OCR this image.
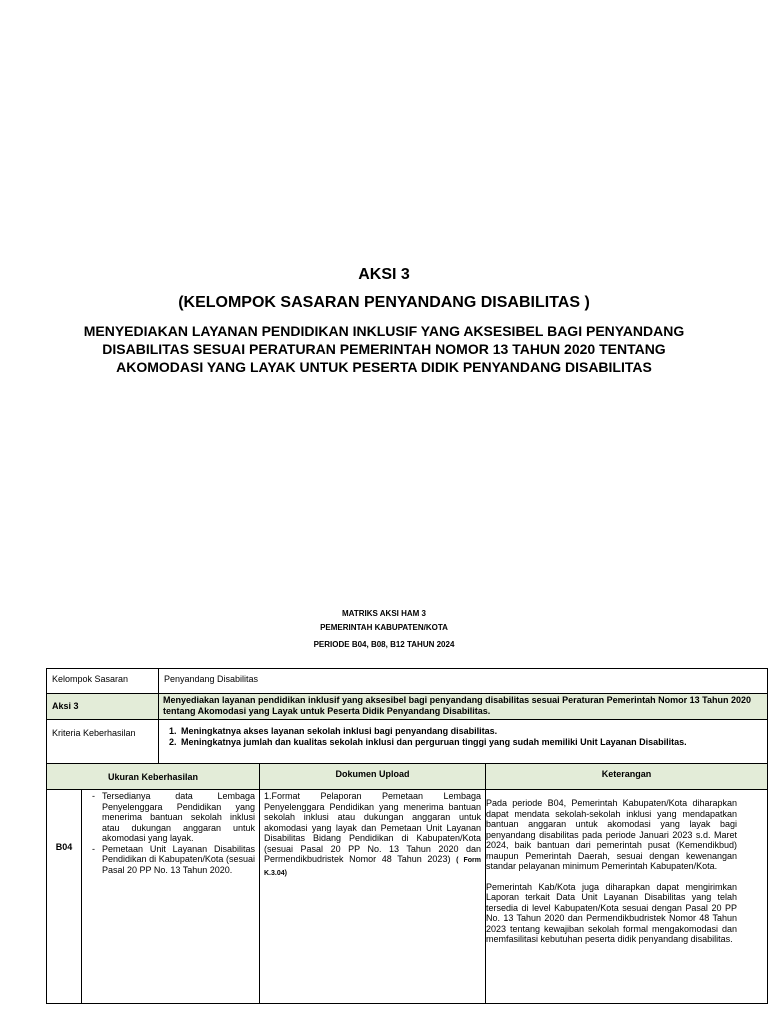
AKSI 3
(KELOMPOK SASARAN PENYANDANG DISABILITAS )
MENYEDIAKAN LAYANAN PENDIDIKAN INKLUSIF YANG AKSESIBEL BAGI PENYANDANG DISABILITAS SESUAI PERATURAN PEMERINTAH NOMOR 13 TAHUN 2020 TENTANG AKOMODASI YANG LAYAK UNTUK PESERTA DIDIK PENYANDANG DISABILITAS
MATRIKS AKSI HAM 3
PEMERINTAH KABUPATEN/KOTA
PERIODE B04, B08, B12 TAHUN 2024
Kelompok Sasaran	Penyandang Disabilitas
Aksi 3
Menyediakan layanan pendidikan inklusif yang aksesibel bagi penyandang disabilitas sesuai Peraturan Pemerintah Nomor 13 Tahun 2020 tentang Akomodasi yang Layak untuk Peserta Didik Penyandang Disabilitas.
Kriteria Keberhasilan
1.	Meningkatnya akses layanan sekolah inklusi bagi penyandang disabilitas.
2. Meningkatnya jumlah dan kualitas sekolah inklusi dan perguruan tinggi yang sudah memiliki Unit Layanan Disabilitas.
Ukuran Keberhasilan	Dokumen Upload	Keterangan
B04
- Tersedianya data Lembaga Penyelenggara Pendidikan yang menerima bantuan sekolah inklusi atau dukungan anggaran untuk akomodasi yang layak.
- Pemetaan Unit Layanan Disabilitas Pendidikan di Kabupaten/Kota (sesuai Pasal 20 PP No. 13 Tahun 2020.
1.Format Pelaporan Pemetaan Lembaga Penyelenggara Pendidikan yang menerima bantuan sekolah inklusi atau dukungan anggaran untuk akomodasi yang layak dan Pemetaan Unit Layanan Disabilitas Bidang Pendidikan di Kabupaten/Kota (sesuai Pasal 20 PP No. 13 Tahun 2020 dan Permendikbudristek Nomor 48 Tahun 2023) ( Form K.3.04)
Pada periode B04, Pemerintah Kabupaten/Kota diharapkan dapat mendata sekolah-sekolah inklusi yang mendapatkan bantuan anggaran untuk akomodasi yang layak bagi penyandang disabilitas pada periode Januari 2023 s.d. Maret 2024, baik bantuan dari pemerintah pusat (Kemendikbud) maupun Pemerintah Daerah, sesuai dengan kewenangan standar pelayanan minimum Pemerintah Kabupaten/Kota.
Pemerintah Kab/Kota juga diharapkan dapat mengirimkan Laporan terkait Data Unit Layanan Disabilitas yang telah tersedia di level Kabupaten/Kota sesuai dengan Pasal 20 PP No. 13 Tahun 2020 dan Permendikbudristek Nomor 48 Tahun 2023 tentang kewajiban sekolah formal mengakomodasi dan memfasilitasi kebutuhan peserta didik penyandang disabilitas.
